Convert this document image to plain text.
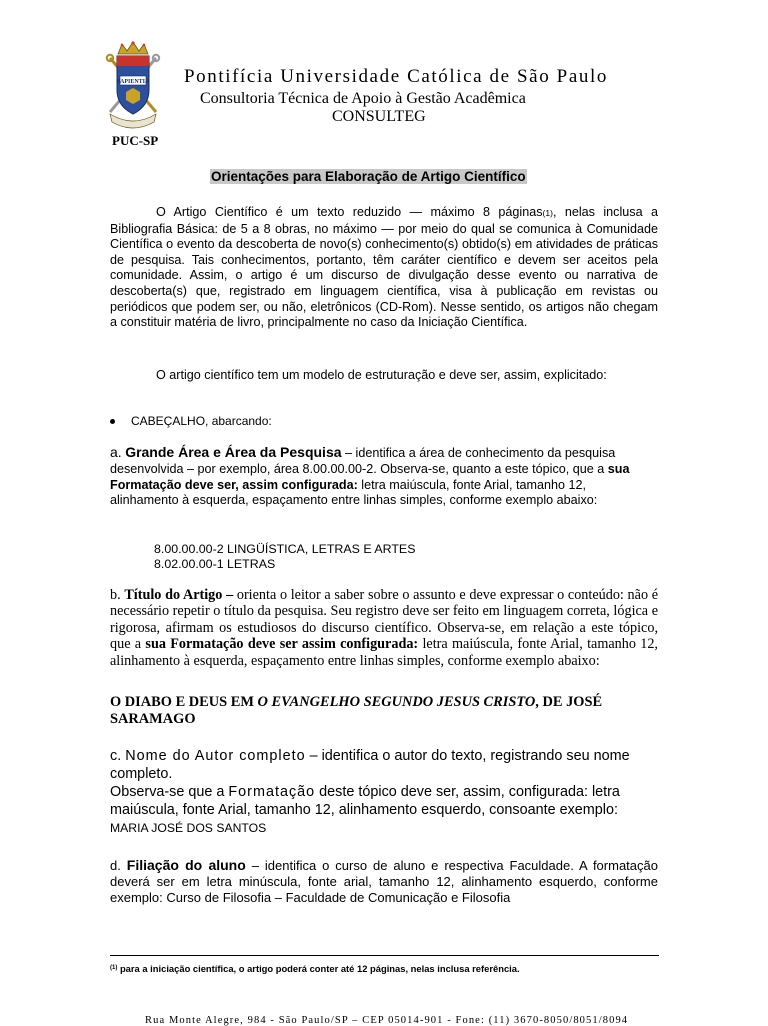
SAPIENTIA
PUC-SP
Pontifícia Universidade Católica de São Paulo
Consultoria Técnica de Apoio à Gestão Acadêmica
CONSULTEG
Orientações para Elaboração de Artigo Científico
O Artigo Científico é um texto reduzido — máximo 8 páginas(1), nelas inclusa a Bibliografia Básica: de 5 a 8 obras, no máximo — por meio do qual se comunica à Comunidade Científica o evento da descoberta de novo(s) conhecimento(s) obtido(s) em atividades de práticas de pesquisa. Tais conhecimentos, portanto, têm caráter científico e devem ser aceitos pela comunidade. Assim, o artigo é um discurso de divulgação desse evento ou narrativa de descoberta(s) que, registrado em linguagem científica, visa à publicação em revistas ou periódicos que podem ser, ou não, eletrônicos (CD-Rom). Nesse sentido, os artigos não chegam a constituir matéria de livro, principalmente no caso da Iniciação Científica.
O artigo científico tem um modelo de estruturação e deve ser, assim, explicitado:
CABEÇALHO, abarcando:
a. Grande Área e Área da Pesquisa – identifica a área de conhecimento da pesquisa desenvolvida – por exemplo, área 8.00.00.00-2. Observa-se, quanto a este tópico, que a sua Formatação deve ser, assim configurada: letra maiúscula, fonte Arial, tamanho 12, alinhamento à esquerda, espaçamento entre linhas simples, conforme exemplo abaixo:
8.00.00.00-2 LINGÜÍSTICA, LETRAS E ARTES
8.02.00.00-1 LETRAS
b. Título do Artigo – orienta o leitor a saber sobre o assunto e deve expressar o conteúdo: não é necessário repetir o título da pesquisa. Seu registro deve ser feito em linguagem correta, lógica e rigorosa, afirmam os estudiosos do discurso científico. Observa-se, em relação a este tópico, que a sua Formatação deve ser assim configurada: letra maiúscula, fonte Arial, tamanho 12, alinhamento à esquerda, espaçamento entre linhas simples, conforme exemplo abaixo:
O DIABO E DEUS EM O EVANGELHO SEGUNDO JESUS CRISTO, DE JOSÉ SARAMAGO
c. Nome do Autor completo – identifica o autor do texto, registrando seu nome completo.
Observa-se que a Formatação deste tópico deve ser, assim, configurada: letra maiúscula, fonte Arial, tamanho 12, alinhamento esquerdo, consoante exemplo:
MARIA JOSÉ DOS SANTOS
d. Filiação do aluno – identifica o curso de aluno e respectiva Faculdade. A formatação deverá ser em letra minúscula, fonte arial, tamanho 12, alinhamento esquerdo, conforme exemplo: Curso de Filosofia – Faculdade de Comunicação e Filosofia
$^{(1)}$ para a iniciação científica, o artigo poderá conter até 12 páginas, nelas inclusa referência.
Rua Monte Alegre, 984 - São Paulo/SP – CEP 05014-901 - Fone: (11) 3670-8050/8051/8094
